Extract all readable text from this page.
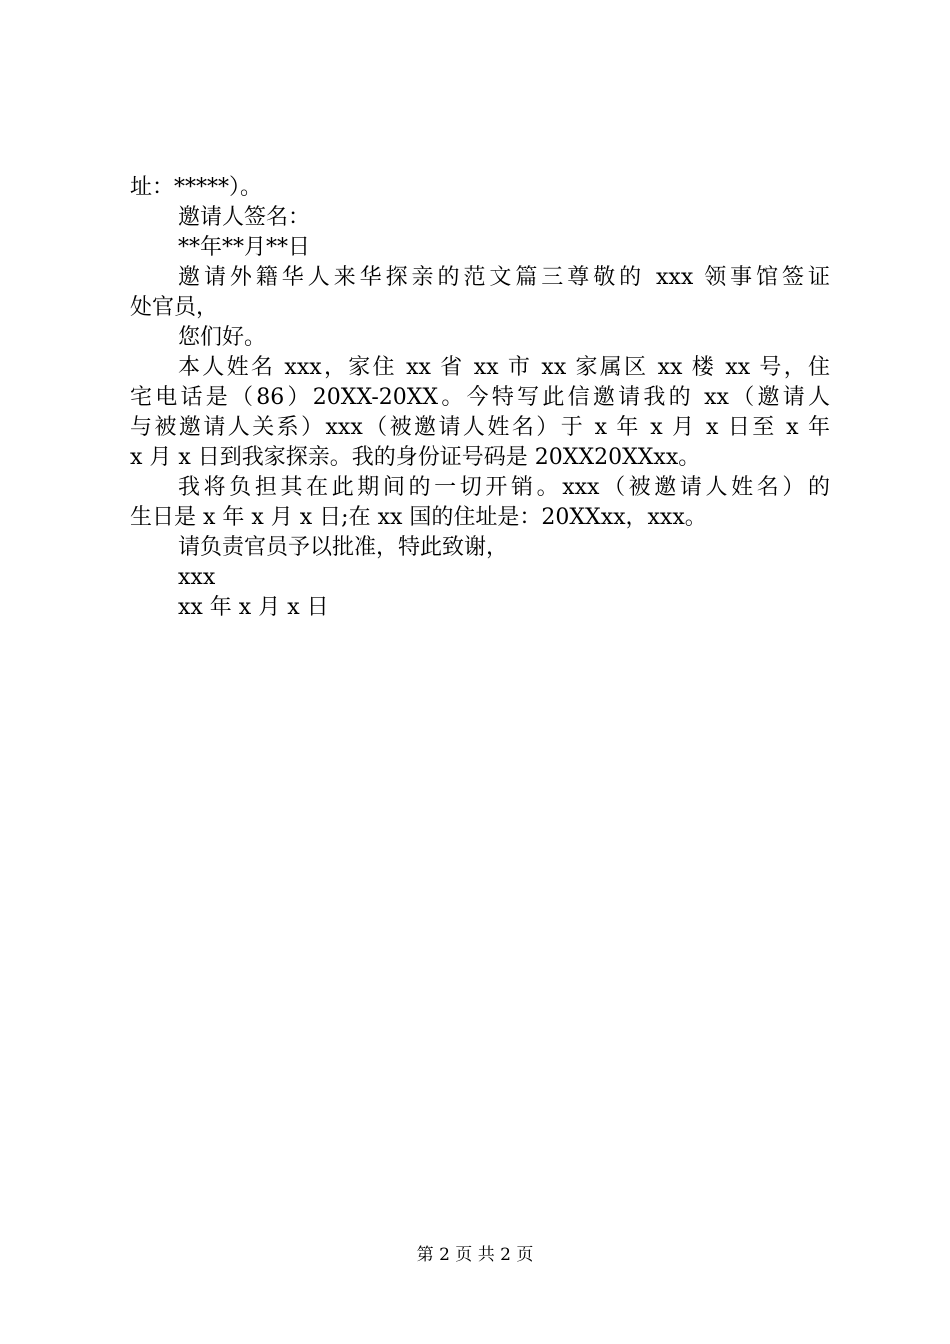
址：*****）。
邀请人签名：
**年**月**日
邀请外籍华人来华探亲的范文篇三尊敬的 xxx 领事馆签证
处官员，
您们好。
本人姓名 xxx，家住 xx 省 xx 市 xx 家属区 xx 楼 xx 号，住
宅电话是（86）20XX-20XX。今特写此信邀请我的 xx（邀请人
与被邀请人关系）xxx（被邀请人姓名）于 x 年 x 月 x 日至 x 年
x 月 x 日到我家探亲。我的身份证号码是 20XX20XXxx。
我将负担其在此期间的一切开销。xxx（被邀请人姓名）的
生日是 x 年 x 月 x 日;在 xx 国的住址是：20XXxx，xxx。
请负责官员予以批准，特此致谢，
xxx
xx 年 x 月 x 日
第 2 页 共 2 页
